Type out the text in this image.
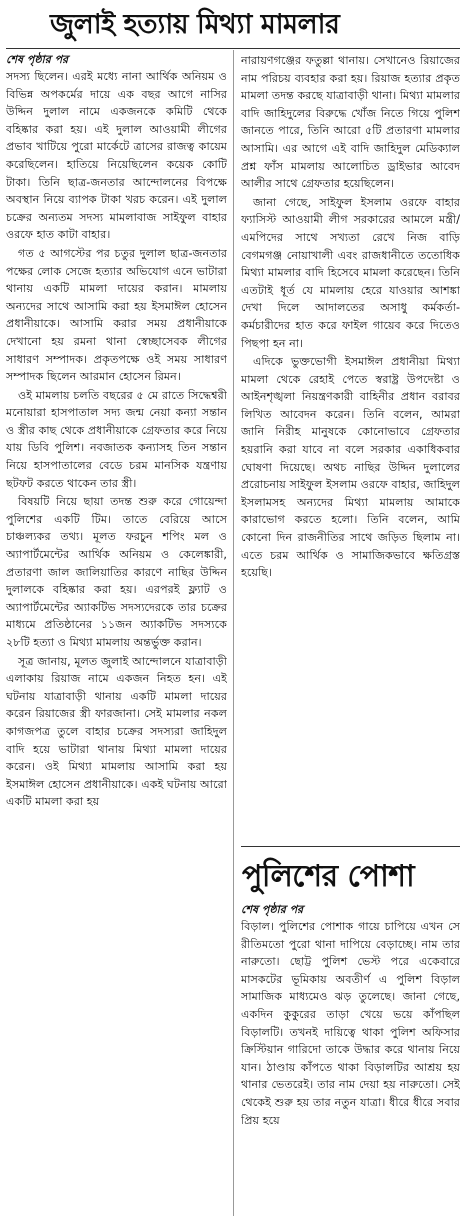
জুলাই হত্যায় মিথ্যা মামলার
শেষ পৃষ্ঠার পর

সদস্য ছিলেন। এরই মধ্যে নানা আর্থিক অনিয়ম ও বিভিন্ন অপকর্মের দায়ে এক বছর আগে নাসির উদ্দিন দুলাল নামে একজনকে কমিটি থেকে বহিষ্কার করা হয়। এই দুলাল আওয়ামী লীগের প্রভাব খাটিয়ে পুরো মার্কেটে ত্রাসের রাজত্ব কায়েম করেছিলেন। হাতিয়ে নিয়েছিলেন কয়েক কোটি টাকা। তিনি ছাত্র-জনতার আন্দোলনের বিপক্ষে অবস্থান নিয়ে ব্যাপক টাকা খরচ করেন। এই দুলাল চক্রের অন্যতম সদস্য মামলাবাজ সাইফুল বাহার ওরফে হাত কাটা বাহার।

গত ৫ আগস্টের পর চতুর দুলাল ছাত্র-জনতার পক্ষের লোক সেজে হত্যার অভিযোগ এনে ভাটারা থানায় একটি মামলা দায়ের করান। মামলায় অন্যদের সাথে আসামি করা হয় ইসমাঈল হোসেন প্রধানীয়াকে। আসামি করার সময় প্রধানীয়াকে দেখানো হয় রমনা থানা স্বেচ্ছাসেবক লীগের সাধারণ সম্পাদক। প্রকৃতপক্ষে ওই সময় সাধারণ সম্পাদক ছিলেন আরমান হোসেন রিমন।

ওই মামলায় চলতি বছরের ৫ মে রাতে সিদ্ধেশ্বরী মনোয়ারা হাসপাতাল সদ্য জন্ম নেয়া কন্যা সন্তান ও স্ত্রীর কাছ থেকে প্রধানীয়াকে গ্রেফতার করে নিয়ে যায় ডিবি পুলিশ। নবজাতক কন্যাসহ তিন সন্তান নিয়ে হাসপাতালের বেডে চরম মানসিক যন্ত্রণায় ছটফট করতে থাকেন তার স্ত্রী।

বিষয়টি নিয়ে ছায়া তদন্ত শুরু করে গোয়েন্দা পুলিশের একটি টিম। তাতে বেরিয়ে আসে চাঞ্চল্যকর তথ্য। মূলত ফরচুন শপিং মল ও অ্যাপার্টমেন্টের আর্থিক অনিয়ম ও কেলেঙ্কারী, প্রতারণা জাল জালিয়াতির কারণে নাছির উদ্দিন দুলালকে বহিষ্কার করা হয়। এরপরই ফ্ল্যাট ও অ্যাপার্টমেন্টের অ্যাকটিভ সদস্যদেরকে তার চক্রের মাধ্যমে প্রতিষ্ঠানের ১১জন অ্যাকটিভ সদস্যকে ২৮টি হত্যা ও মিথ্যা মামলায় অন্তর্ভুক্ত করান।

সূত্র জানায়, মূলত জুলাই আন্দোলনে যাত্রাবাড়ী এলাকায় রিয়াজ নামে একজন নিহত হন। এই ঘটনায় যাত্রাবাড়ী থানায় একটি মামলা দায়ের করেন রিয়াজের স্ত্রী ফারজানা। সেই মামলার নকল কাগজপত্র তুলে বাহার চক্রের সদস্যরা জাহিদুল বাদি হয়ে ভাটারা থানায় মিথ্যা মামলা দায়ের করেন। ওই মিথ্যা মামলায় আসামি করা হয় ইসমাঈল হোসেন প্রধানীয়াকে। একই ঘটনায় আরো একটি মামলা করা হয়

নারায়ণগঞ্জের ফতুল্লা থানায়। সেখানেও রিয়াজের নাম পরিচয় ব্যবহার করা হয়। রিয়াজ হত্যার প্রকৃত মামলা তদন্ত করছে যাত্রাবাড়ী থানা। মিথ্যা মামলার বাদি জাহিদুলের বিরুদ্ধে খোঁজ নিতে গিয়ে পুলিশ জানতে পারে, তিনি আরো ৫টি প্রতারণা মামলার আসামি। এর আগে এই বাদি জাহিদুল মেডিক্যাল প্রশ্ন ফাঁস মামলায় আলোচিত ড্রাইভার আবেদ আলীর সাথে গ্রেফতার হয়েছিলেন।

জানা গেছে, সাইফুল ইসলাম ওরফে বাহার ফ্যাসিস্ট আওয়ামী লীগ সরকারের আমলে মন্ত্রী/এমপিদের সাথে সখ্যতা রেখে নিজ বাড়ি বেগমগঞ্জ নোয়াখালী এবং রাজধানীতে ততোধিক মিথ্যা মামলার বাদি হিসেবে মামলা করেছেন। তিনি এতটাই ধূর্ত যে মামলায় হেরে যাওয়ার আশঙ্কা দেখা দিলে আদালতের অসাধু কর্মকর্তা-কর্মচারীদের হাত করে ফাইল গায়েব করে দিতেও পিছপা হন না।

এদিকে ভুক্তভোগী ইসমাঈল প্রধানীয়া মিথ্যা মামলা থেকে রেহাই পেতে স্বরাষ্ট্র উপদেষ্টা ও আইনশৃঙ্খলা নিয়ন্ত্রণকারী বাহিনীর প্রধান বরাবর লিখিত আবেদন করেন। তিনি বলেন, আমরা জানি নিরীহ মানুষকে কোনোভাবে গ্রেফতার হয়রানি করা যাবে না বলে সরকার একাধিকবার ঘোষণা দিয়েছে। অথচ নাছির উদ্দিন দুলালের প্ররোচনায় সাইফুল ইসলাম ওরফে বাহার, জাহিদুল ইসলামসহ অন্যদের মিথ্যা মামলায় আমাকে কারাভোগ করতে হলো। তিনি বলেন, আমি কোনো দিন রাজনীতির সাথে জড়িত ছিলাম না। এতে চরম আর্থিক ও সামাজিকভাবে ক্ষতিগ্রস্ত হয়েছি।

পুলিশের পোশা
শেষ পৃষ্ঠার পর

বিড়াল। পুলিশের পোশাক গায়ে চাপিয়ে এখন সে রীতিমতো পুরো থানা দাপিয়ে বেড়াচ্ছে। নাম তার নারুতো। ছোট্ট পুলিশ ভেস্ট পরে একেবারে মাসকটের ভূমিকায় অবতীর্ণ এ পুলিশ বিড়াল সামাজিক মাধ্যমেও ঝড় তুলেছে। জানা গেছে, একদিন কুকুরের তাড়া খেয়ে ভয়ে কাঁপছিল বিড়ালটি। তখনই দায়িত্বে থাকা পুলিশ অফিসার ক্রিস্টিয়ান গারিদো তাকে উদ্ধার করে থানায় নিয়ে যান। ঠাণ্ডায় কাঁপতে থাকা বিড়ালটির আশ্রয় হয় থানার ভেতরেই। তার নাম দেয়া হয় নারুতো। সেই থেকেই শুরু হয় তার নতুন যাত্রা। ধীরে ধীরে সবার প্রিয় হয়ে
